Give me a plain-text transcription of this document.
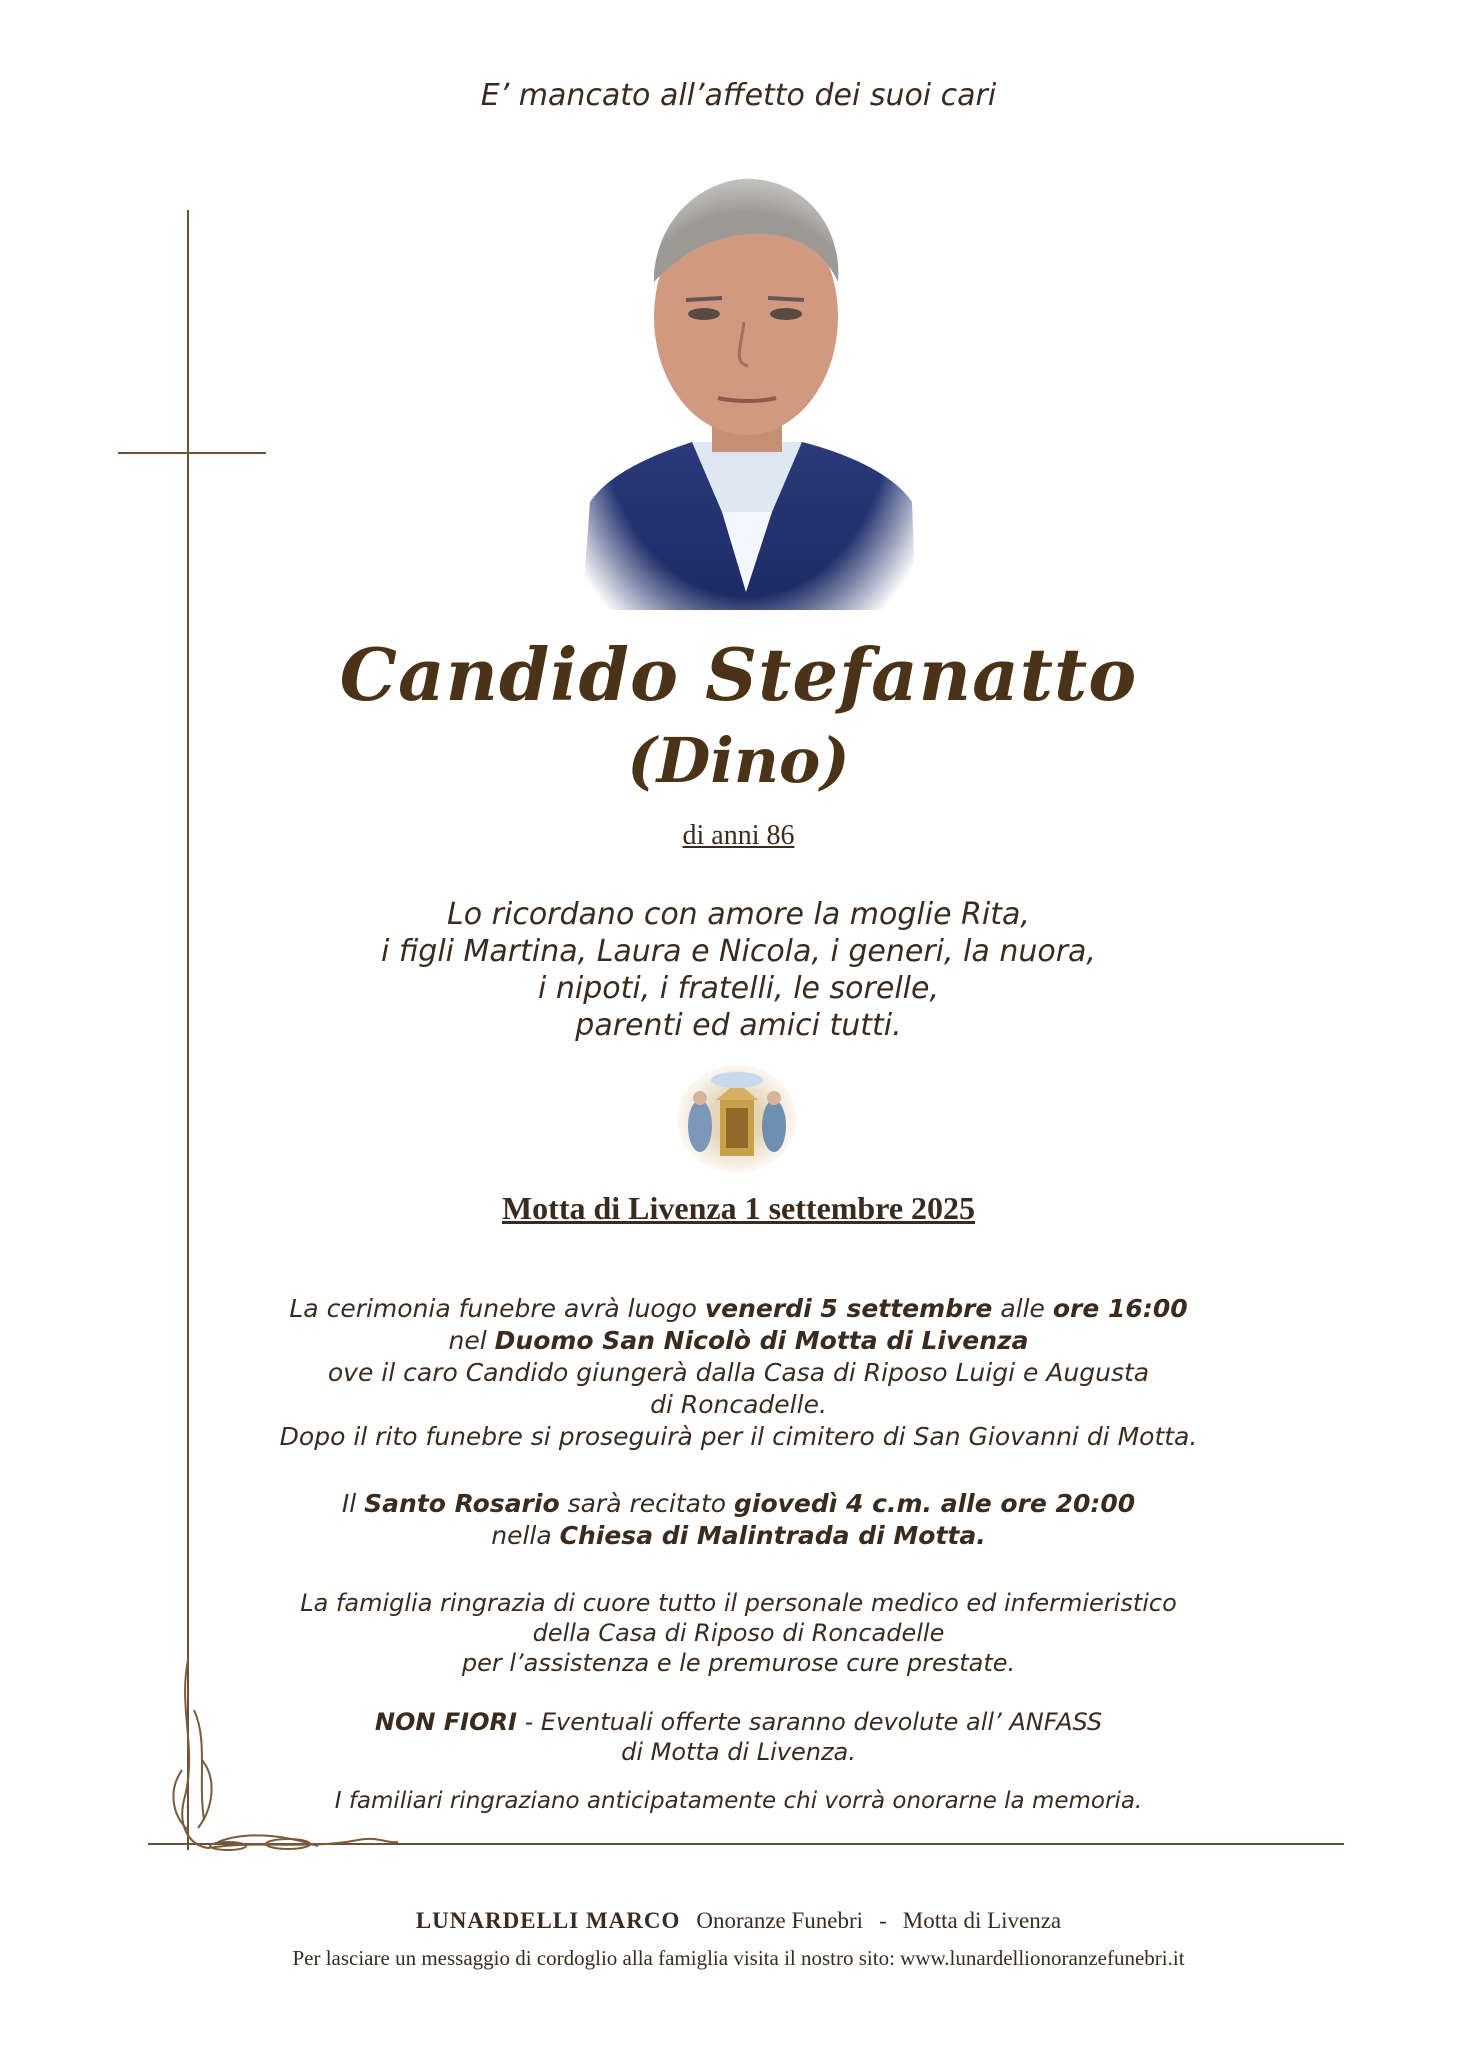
E’ mancato all’affetto dei suoi cari
Candido Stefanatto
(Dino)
di anni 86
Lo ricordano con amore la moglie Rita,
i figli Martina, Laura e Nicola, i generi, la nuora,
i nipoti, i fratelli, le sorelle,
parenti ed amici tutti.
Motta di Livenza 1 settembre 2025
La cerimonia funebre avrà luogo venerdi 5 settembre alle ore 16:00
nel Duomo San Nicolò di Motta di Livenza
ove il caro Candido giungerà dalla Casa di Riposo Luigi e Augusta
di Roncadelle.
Dopo il rito funebre si proseguirà per il cimitero di San Giovanni di Motta.
Il Santo Rosario sarà recitato giovedì 4 c.m. alle ore 20:00
nella Chiesa di Malintrada di Motta.
La famiglia ringrazia di cuore tutto il personale medico ed infermieristico
della Casa di Riposo di Roncadelle
per l’assistenza e le premurose cure prestate.
NON FIORI - Eventuali offerte saranno devolute all’ ANFASS
di Motta di Livenza.
I familiari ringraziano anticipatamente chi vorrà onorarne la memoria.
LUNARDELLI MARCO Onoranze Funebri - Motta di Livenza
Per lasciare un messaggio di cordoglio alla famiglia visita il nostro sito: www.lunardellionoranzefunebri.it
